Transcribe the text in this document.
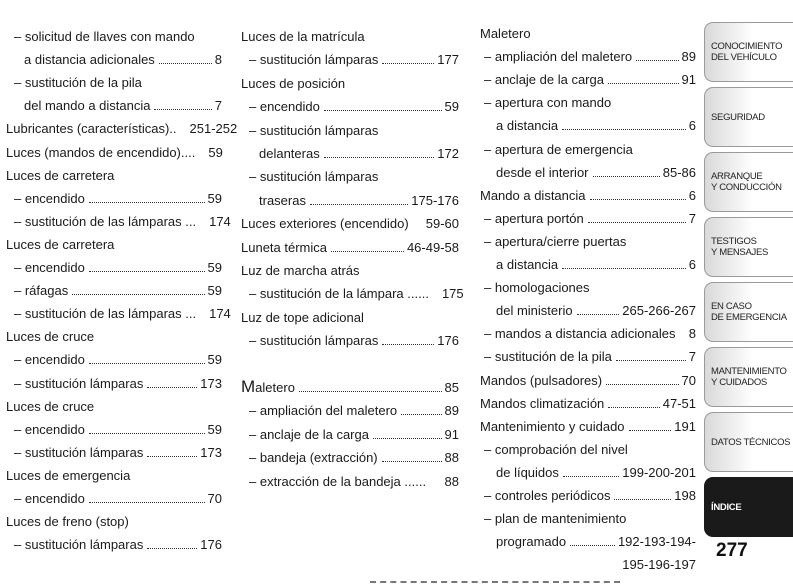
– solicitud de llaves con mando
a distancia adicionales	8
– sustitución de la pila
del mando a distancia	7
Lubricantes (características).. 251-252
Luces (mandos de encendido).... 59
Luces de carretera
– encendido	59
– sustitución de las lámparas ... 174
Luces de carretera
– encendido	59
– ráfagas	59
– sustitución de las lámparas ... 174
Luces de cruce
– encendido	59
– sustitución lámparas	173
Luces de cruce
– encendido	59
– sustitución lámparas	173
Luces de emergencia
– encendido	70
Luces de freno (stop)
– sustitución lámparas	176
Luces de la matrícula
– sustitución lámparas	177
Luces de posición
– encendido	59
– sustitución lámparas
delanteras	172
– sustitución lámparas
traseras	175-176
Luces exteriores (encendido) 59-60
Luneta térmica	46-49-58
Luz de marcha atrás
– sustitución de la lámpara ...... 175
Luz de tope adicional
– sustitución lámparas	176
Maletero	85
– ampliación del maletero	89
– anclaje de la carga	91
– bandeja (extracción)	88
– extracción de la bandeja ...... 88
Maletero
– ampliación del maletero	89
– anclaje de la carga	91
– apertura con mando
a distancia	6
– apertura de emergencia
desde el interior	85-86
Mando a distancia	6
– apertura portón	7
– apertura/cierre puertas
a distancia	6
– homologaciones
del ministerio	265-266-267
– mandos a distancia adicionales 8
– sustitución de la pila	7
Mandos (pulsadores)	70
Mandos climatización	47-51
Mantenimiento y cuidado	191
– comprobación del nivel
de líquidos	199-200-201
– controles periódicos	198
– plan de mantenimiento
programado	192-193-194-
195-196-197
CONOCIMIENTO
DEL VEHÍCULO
SEGURIDAD
ARRANQUE
Y CONDUCCIÓN
TESTIGOS
Y MENSAJES
EN CASO
DE EMERGENCIA
MANTENIMIENTO
Y CUIDADOS
DATOS TÉCNICOS
ÍNDICE
277
